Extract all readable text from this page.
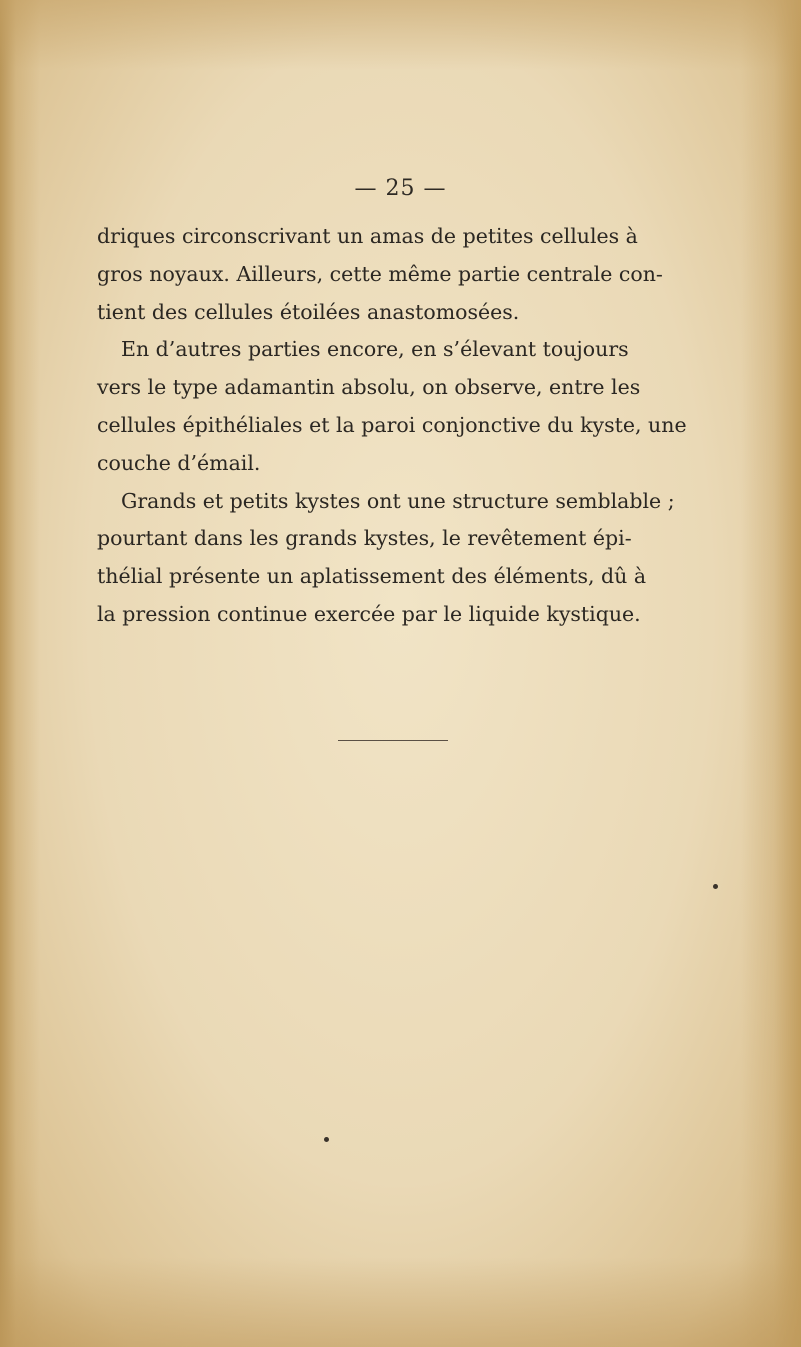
— 25 —

driques circonscrivant un amas de petites cellules à
gros noyaux. Ailleurs, cette même partie centrale con-
tient des cellules étoilées anastomosées.

En d’autres parties encore, en s’élevant toujours
vers le type adamantin absolu, on observe, entre les
cellules épithéliales et la paroi conjonctive du kyste, une
couche d’émail.

Grands et petits kystes ont une structure semblable ;
pourtant dans les grands kystes, le revêtement épi-
thélial présente un aplatissement des éléments, dû à
la pression continue exercée par le liquide kystique.
